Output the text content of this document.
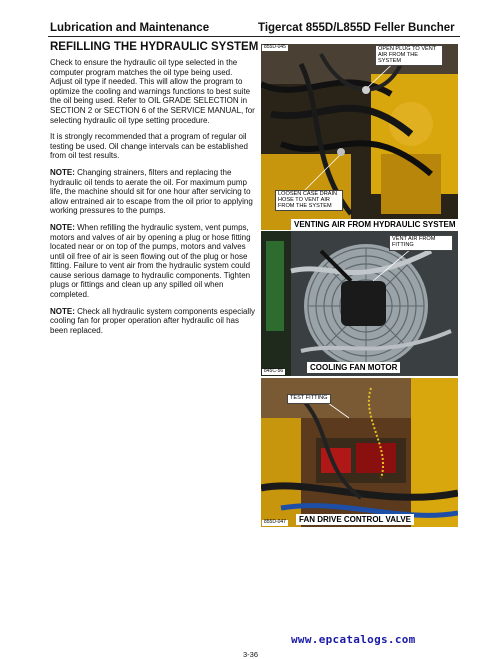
Lubrication and Maintenance	Tigercat 855D/L855D Feller Buncher
REFILLING THE HYDRAULIC SYSTEM

Check to ensure the hydraulic oil type selected in the computer program matches the oil type being used. Adjust oil type if needed. This will allow the program to optimize the cooling and warnings functions to best suite the oil being used. Refer to OIL GRADE SELECTION in SECTION 2 or SECTION 6 of the SERVICE MANUAL, for selecting hydraulic oil type setting procedure.

It is strongly recommended that a program of regular oil testing be used. Oil change intervals can be established from oil test results.

NOTE: Changing strainers, filters and replacing the hydraulic oil tends to aerate the oil. For maximum pump life, the machine should sit for one hour after servicing to allow entrained air to escape from the oil prior to applying working pressures to the pumps.

NOTE: When refilling the hydraulic system, vent pumps, motors and valves of air by opening a plug or hose fitting located near or on top of the pumps, motors and valves until oil free of air is seen flowing out of the plug or hose fitting. Failure to vent air from the hydraulic system could cause serious damage to hydraulic components. Tighten plugs or fittings and clean up any spilled oil when completed.

NOTE: Check all hydraulic system components especially cooling fan for proper operation after hydraulic oil has been replaced.

855D-045	OPEN PLUG TO VENT AIR FROM THE SYSTEM
LOOSEN CASE DRAIN HOSE TO VENT AIR FROM THE SYSTEM
VENTING AIR FROM HYDRAULIC SYSTEM
VENT AIR FROM FITTING
845C-56	COOLING FAN MOTOR
TEST FITTING
855D-047	FAN DRIVE CONTROL VALVE
www.epcatalogs.com
3-36
